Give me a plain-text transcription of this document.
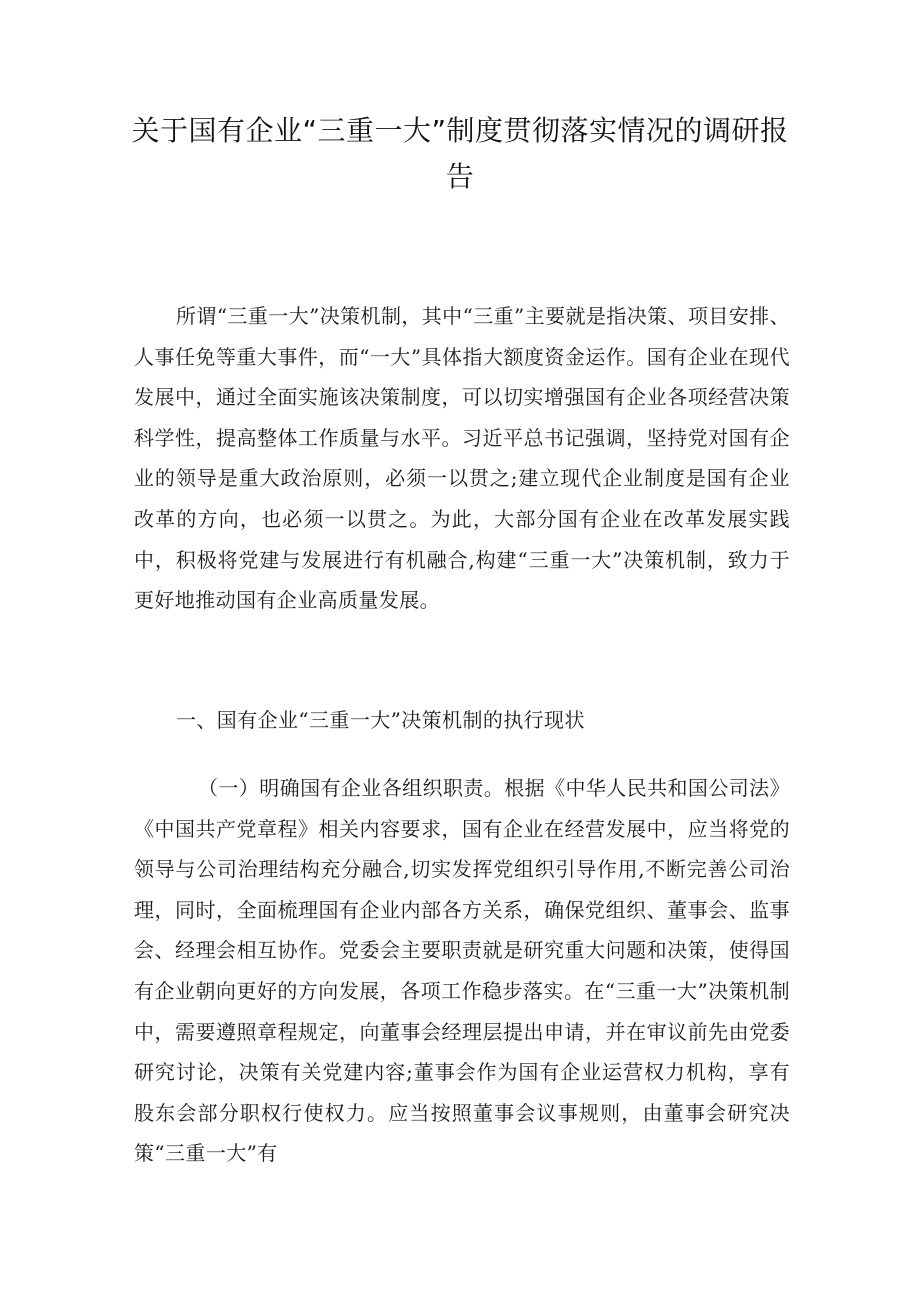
关于国有企业“三重一大”制度贯彻落实情况的调研报告

所谓“三重一大”决策机制，其中“三重”主要就是指决策、项目安排、人事任免等重大事件，而“一大”具体指大额度资金运作。国有企业在现代发展中，通过全面实施该决策制度，可以切实增强国有企业各项经营决策科学性，提高整体工作质量与水平。习近平总书记强调，坚持党对国有企业的领导是重大政治原则，必须一以贯之;建立现代企业制度是国有企业改革的方向，也必须一以贯之。为此，大部分国有企业在改革发展实践中，积极将党建与发展进行有机融合,构建“三重一大”决策机制，致力于更好地推动国有企业高质量发展。

一、国有企业“三重一大”决策机制的执行现状

（一）明确国有企业各组织职责。根据《中华人民共和国公司法》《中国共产党章程》相关内容要求，国有企业在经营发展中，应当将党的领导与公司治理结构充分融合,切实发挥党组织引导作用,不断完善公司治理，同时，全面梳理国有企业内部各方关系，确保党组织、董事会、监事会、经理会相互协作。党委会主要职责就是研究重大问题和决策，使得国有企业朝向更好的方向发展，各项工作稳步落实。在“三重一大”决策机制中，需要遵照章程规定，向董事会经理层提出申请，并在审议前先由党委研究讨论，决策有关党建内容;董事会作为国有企业运营权力机构，享有股东会部分职权行使权力。应当按照董事会议事规则，由董事会研究决策“三重一大”有
